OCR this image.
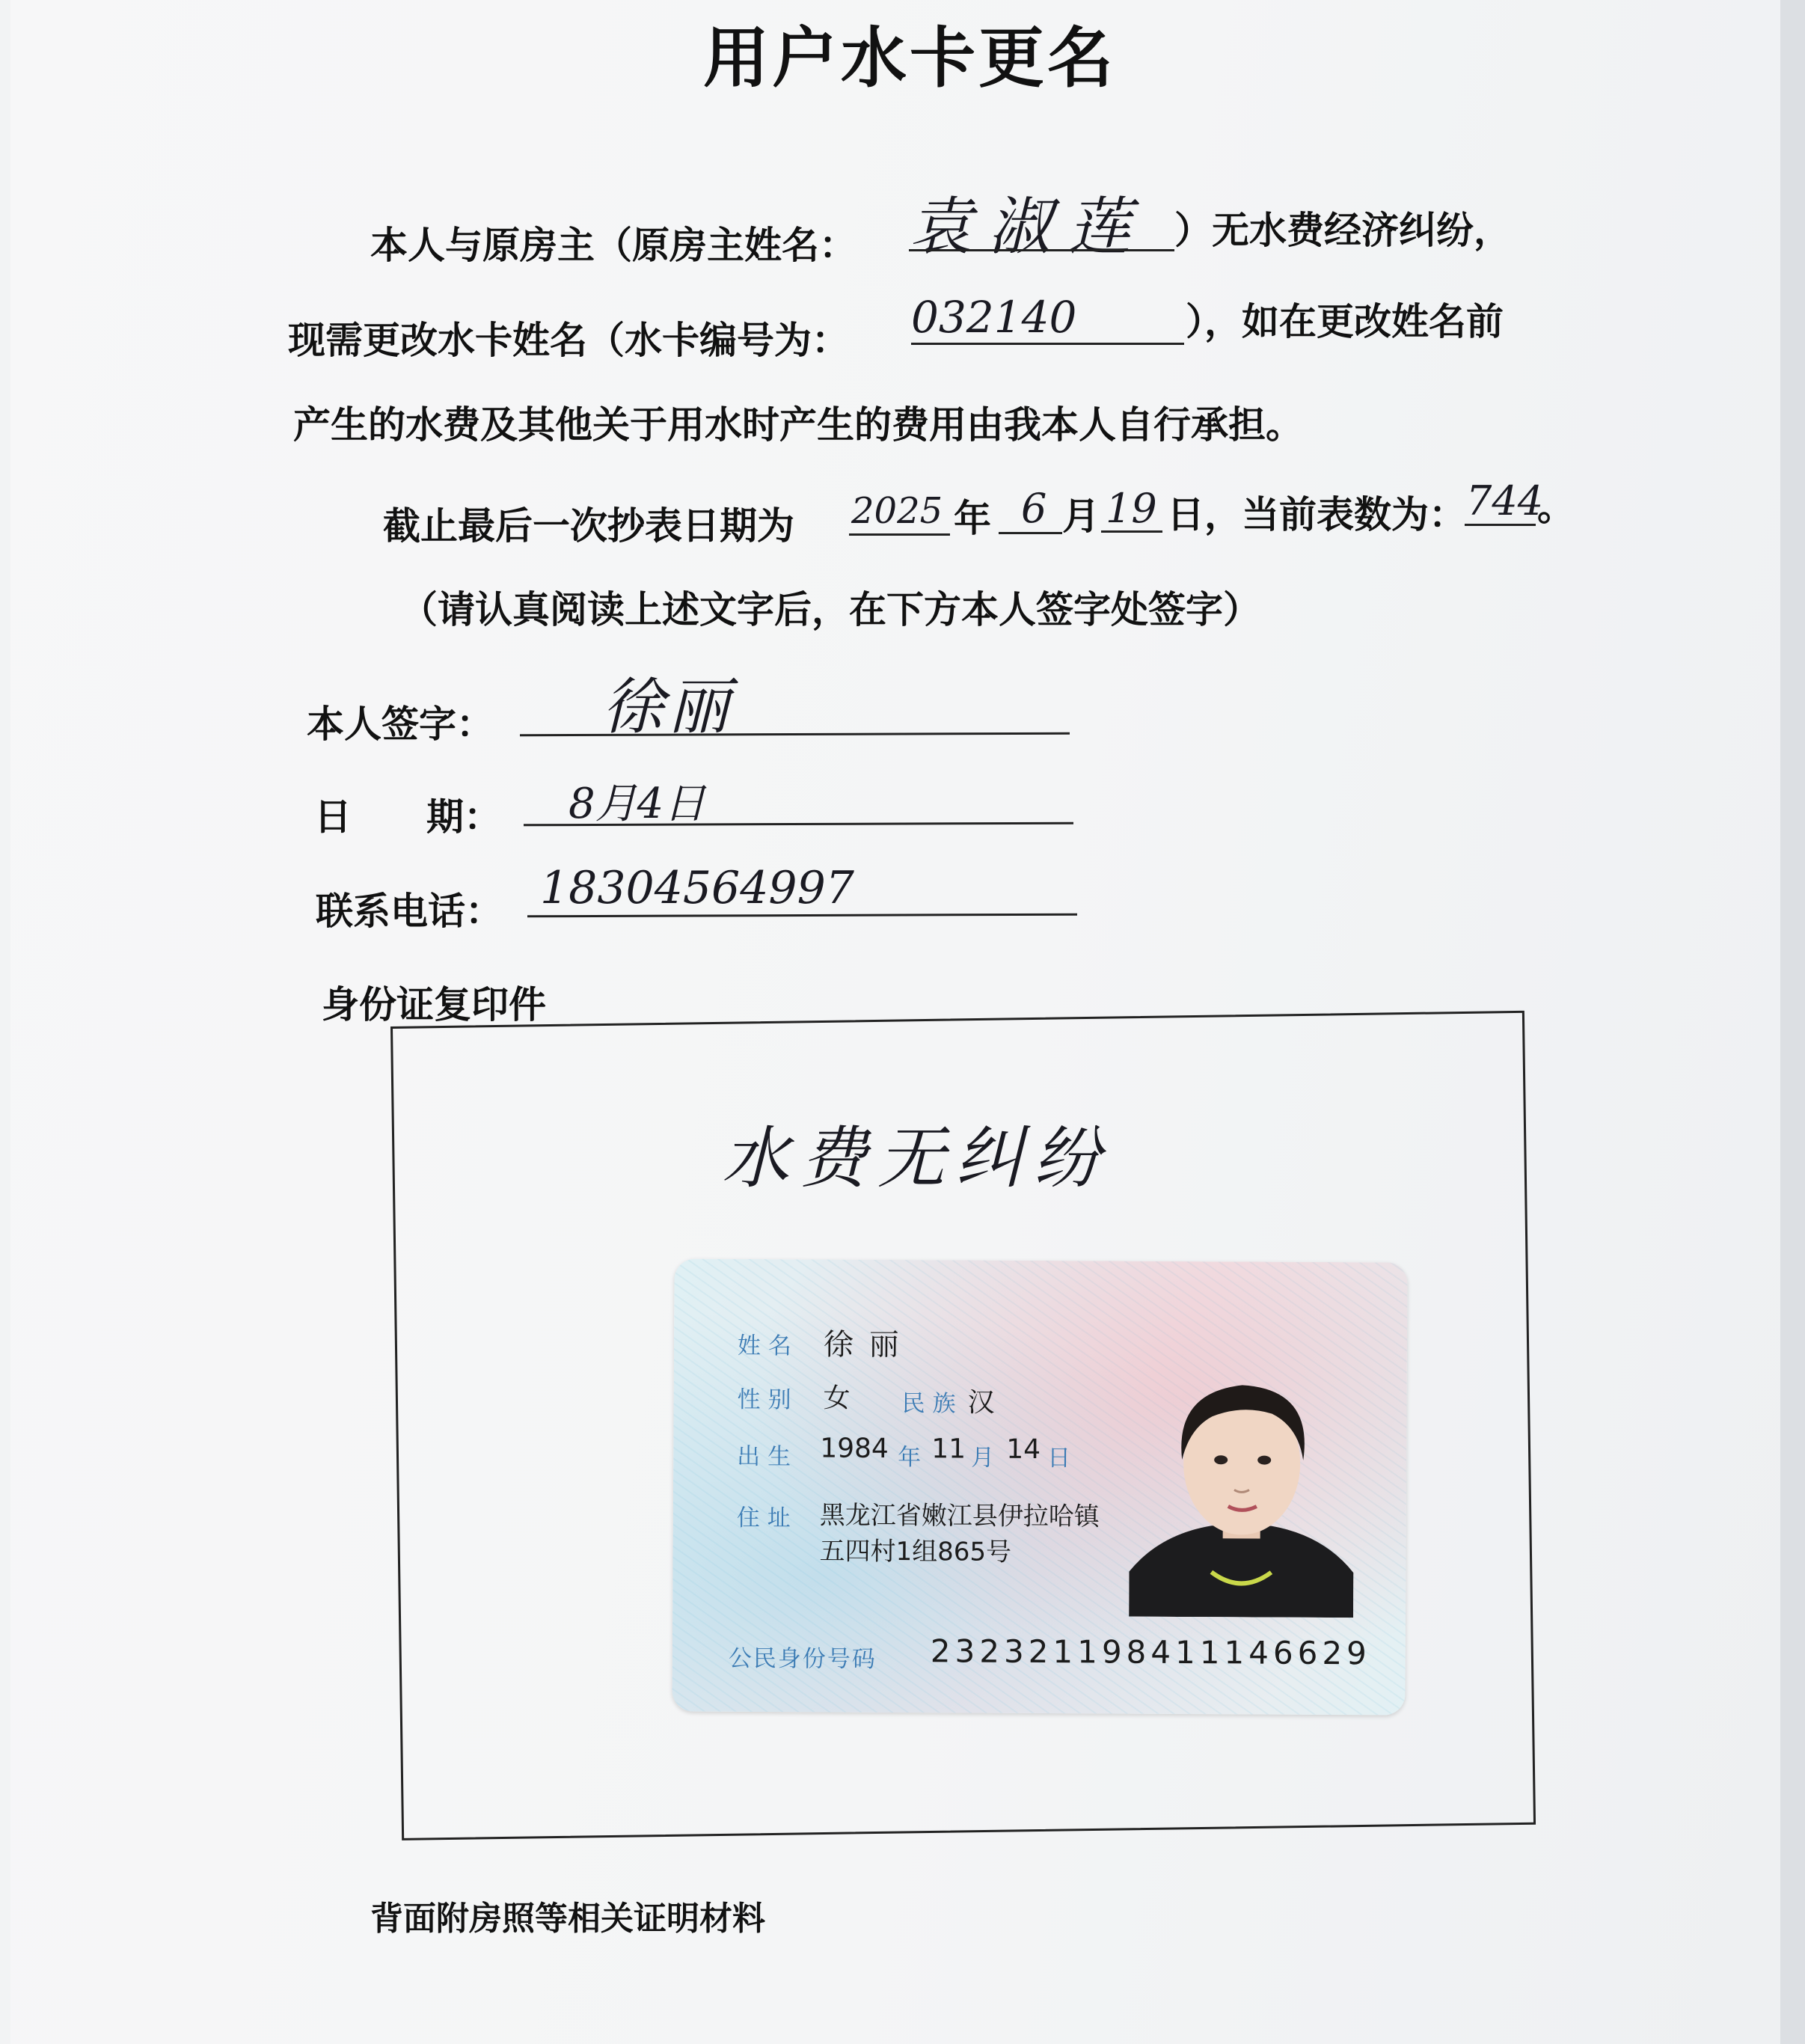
用户水卡更名
本人与原房主（原房主姓名： 袁淑莲 ）无水费经济纠纷，
现需更改水卡姓名（水卡编号为： 032140	），如在更改姓名前
产生的水费及其他关于用水时产生的费用由我本人自行承担。
截止最后一次抄表日期为 2025 年 6 月 19 日，当前表数为： 744
。
（请认真阅读上述文字后，在下方本人签字处签字）
本人签字： 徐丽
日　　期： 8月4日
联系电话： 18304564997
身份证复印件
水费无纠纷
姓名 徐 丽
性别 女 民族 汉
出生 1984 年 11 月 14 日
住址 黑龙江省嫩江县伊拉哈镇
五四村1组865号
公民身份号码 232321198411146629
背面附房照等相关证明材料
